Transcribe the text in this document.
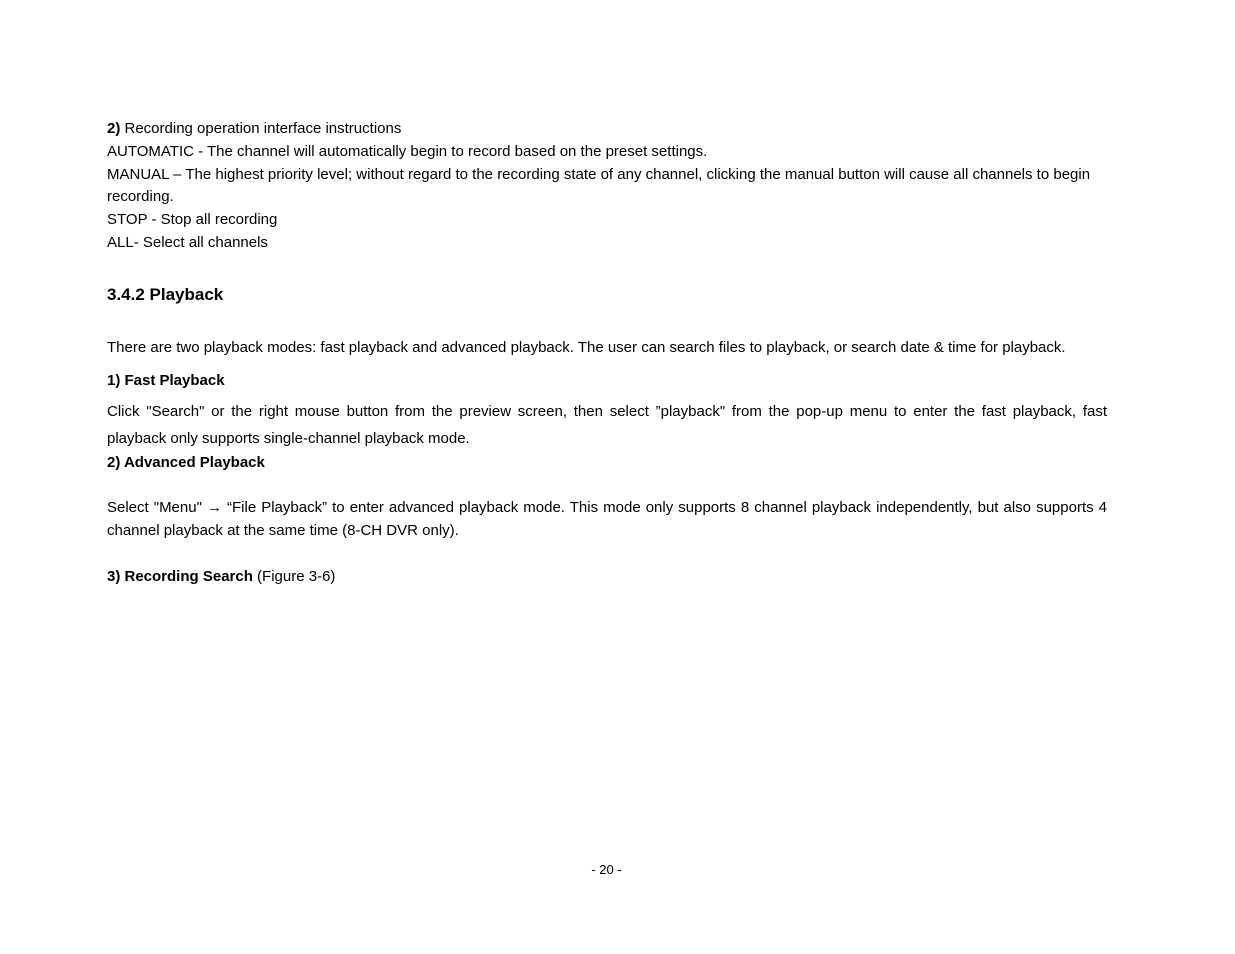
2) Recording operation interface instructions
AUTOMATIC - The channel will automatically begin to record based on the preset settings.
MANUAL – The highest priority level; without regard to the recording state of any channel, clicking the manual button will cause all channels to begin recording.
STOP - Stop all recording
ALL- Select all channels
3.4.2 Playback
There are two playback modes: fast playback and advanced playback. The user can search files to playback, or search date & time for playback.
1) Fast Playback
Click "Search" or the right mouse button from the preview screen, then select ”playback" from the pop-up menu to enter the fast playback, fast playback only supports single-channel playback mode.
2) Advanced Playback
Select "Menu" → “File Playback” to enter advanced playback mode. This mode only supports 8 channel playback independently, but also supports 4 channel playback at the same time (8-CH DVR only).
3) Recording Search (Figure 3-6)
- 20 -
